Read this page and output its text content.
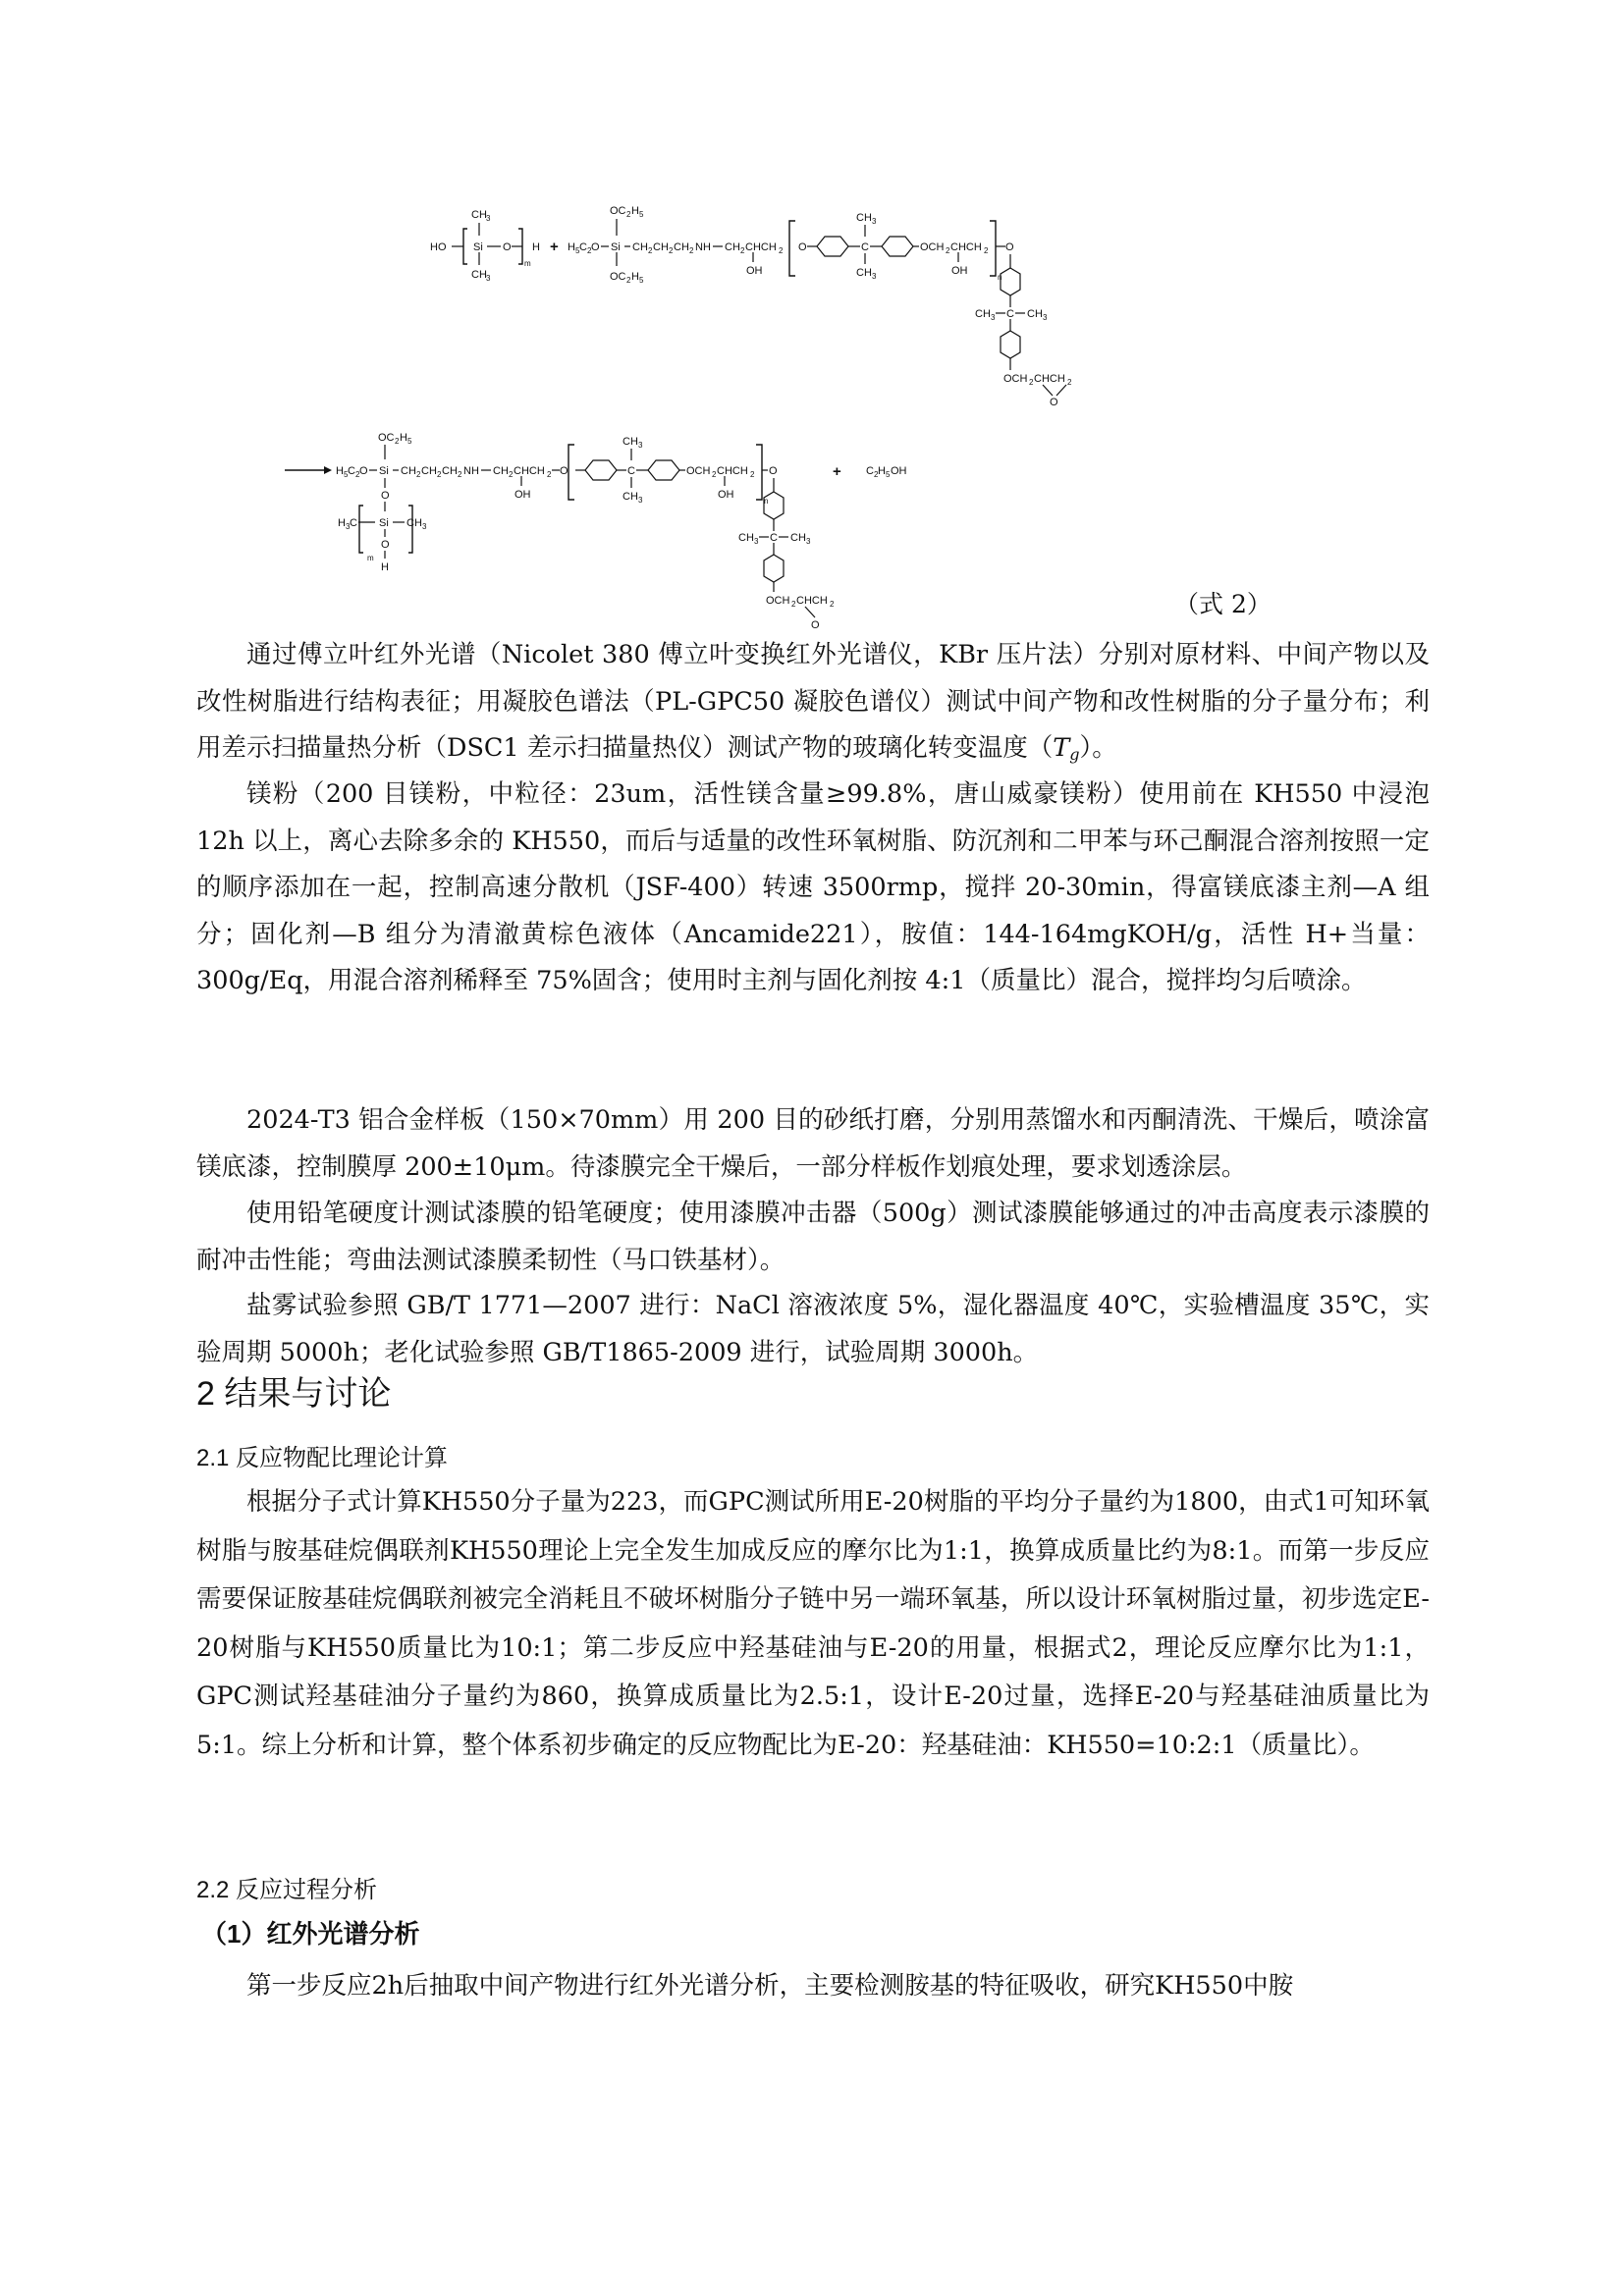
HO	Si
CH 3
CH 3
O
m
H + H 5 C 2 O Si
OC 2 H 5
OC 2 H 5
CH 2 CH 2 CH 2 NH CH 2 CHCH 2
OH
O	C
CH 3
CH 3
OCH 2 CHCH 2
OH
n
O
CH 3 C CH 3
OCH 2 CHCH 2
O
H 5 C 2 O Si
OC 2 H 5
CH 2 CH 2 CH 2 NH CH 2 CHCH 2
OH
O	C
CH 3
CH 3
OCH 2 CHCH 2
OH
n
O
CH 3 C CH 3
OCH 2 CHCH 2
O
+ C 2 H 5 OH
O
H 3 C Si CH 3
O
m
H
（式 2）

通过傅立叶红外光谱（Nicolet 380 傅立叶变换红外光谱仪，KBr 压片法）分别对原材料、中间产物以及改性树脂进行结构表征；用凝胶色谱法（PL-GPC50 凝胶色谱仪）测试中间产物和改性树脂的分子量分布；利用差示扫描量热分析（DSC1 差示扫描量热仪）测试产物的玻璃化转变温度$(T_g)$。

镁粉（200 目镁粉，中粒径：23um，活性镁含量≥99.8%，唐山威豪镁粉）使用前在 KH550 中浸泡 12h 以上，离心去除多余的 KH550，而后与适量的改性环氧树脂、防沉剂和二甲苯与环己酮混合溶剂按照一定的顺序添加在一起，控制高速分散机（JSF-400）转速 3500rmp，搅拌 20-30min，得富镁底漆主剂—A 组分；固化剂—B 组分为清澈黄棕色液体（Ancamide221），胺值：144-164mgKOH/g，活性 H+当量：300g/Eq，用混合溶剂稀释至 75%固含；使用时主剂与固化剂按 4:1（质量比）混合，搅拌均匀后喷涂。

2024-T3 铝合金样板（150×70mm）用 200 目的砂纸打磨，分别用蒸馏水和丙酮清洗、干燥后，喷涂富镁底漆，控制膜厚 200±10μm。待漆膜完全干燥后，一部分样板作划痕处理，要求划透涂层。

使用铅笔硬度计测试漆膜的铅笔硬度；使用漆膜冲击器（500g）测试漆膜能够通过的冲击高度表示漆膜的耐冲击性能；弯曲法测试漆膜柔韧性（马口铁基材）。

盐雾试验参照 GB/T 1771—2007 进行：NaCl 溶液浓度 5%，湿化器温度 40℃，实验槽温度 35℃，实验周期 5000h；老化试验参照 GB/T1865-2009 进行，试验周期 3000h。

2 结果与讨论
2.1 反应物配比理论计算

根据分子式计算KH550分子量为223，而GPC测试所用E-20树脂的平均分子量约为1800，由式1可知环氧树脂与胺基硅烷偶联剂KH550理论上完全发生加成反应的摩尔比为1:1，换算成质量比约为8:1。而第一步反应需要保证胺基硅烷偶联剂被完全消耗且不破坏树脂分子链中另一端环氧基，所以设计环氧树脂过量，初步选定E-20树脂与KH550质量比为10:1；第二步反应中羟基硅油与E-20的用量，根据式2，理论反应摩尔比为1:1，GPC测试羟基硅油分子量约为860，换算成质量比为2.5:1，设计E-20过量，选择E-20与羟基硅油质量比为5:1。综上分析和计算，整个体系初步确定的反应物配比为E-20：羟基硅油：KH550=10:2:1（质量比）。

2.2 反应过程分析
（1）红外光谱分析

第一步反应2h后抽取中间产物进行红外光谱分析，主要检测胺基的特征吸收，研究KH550中胺
